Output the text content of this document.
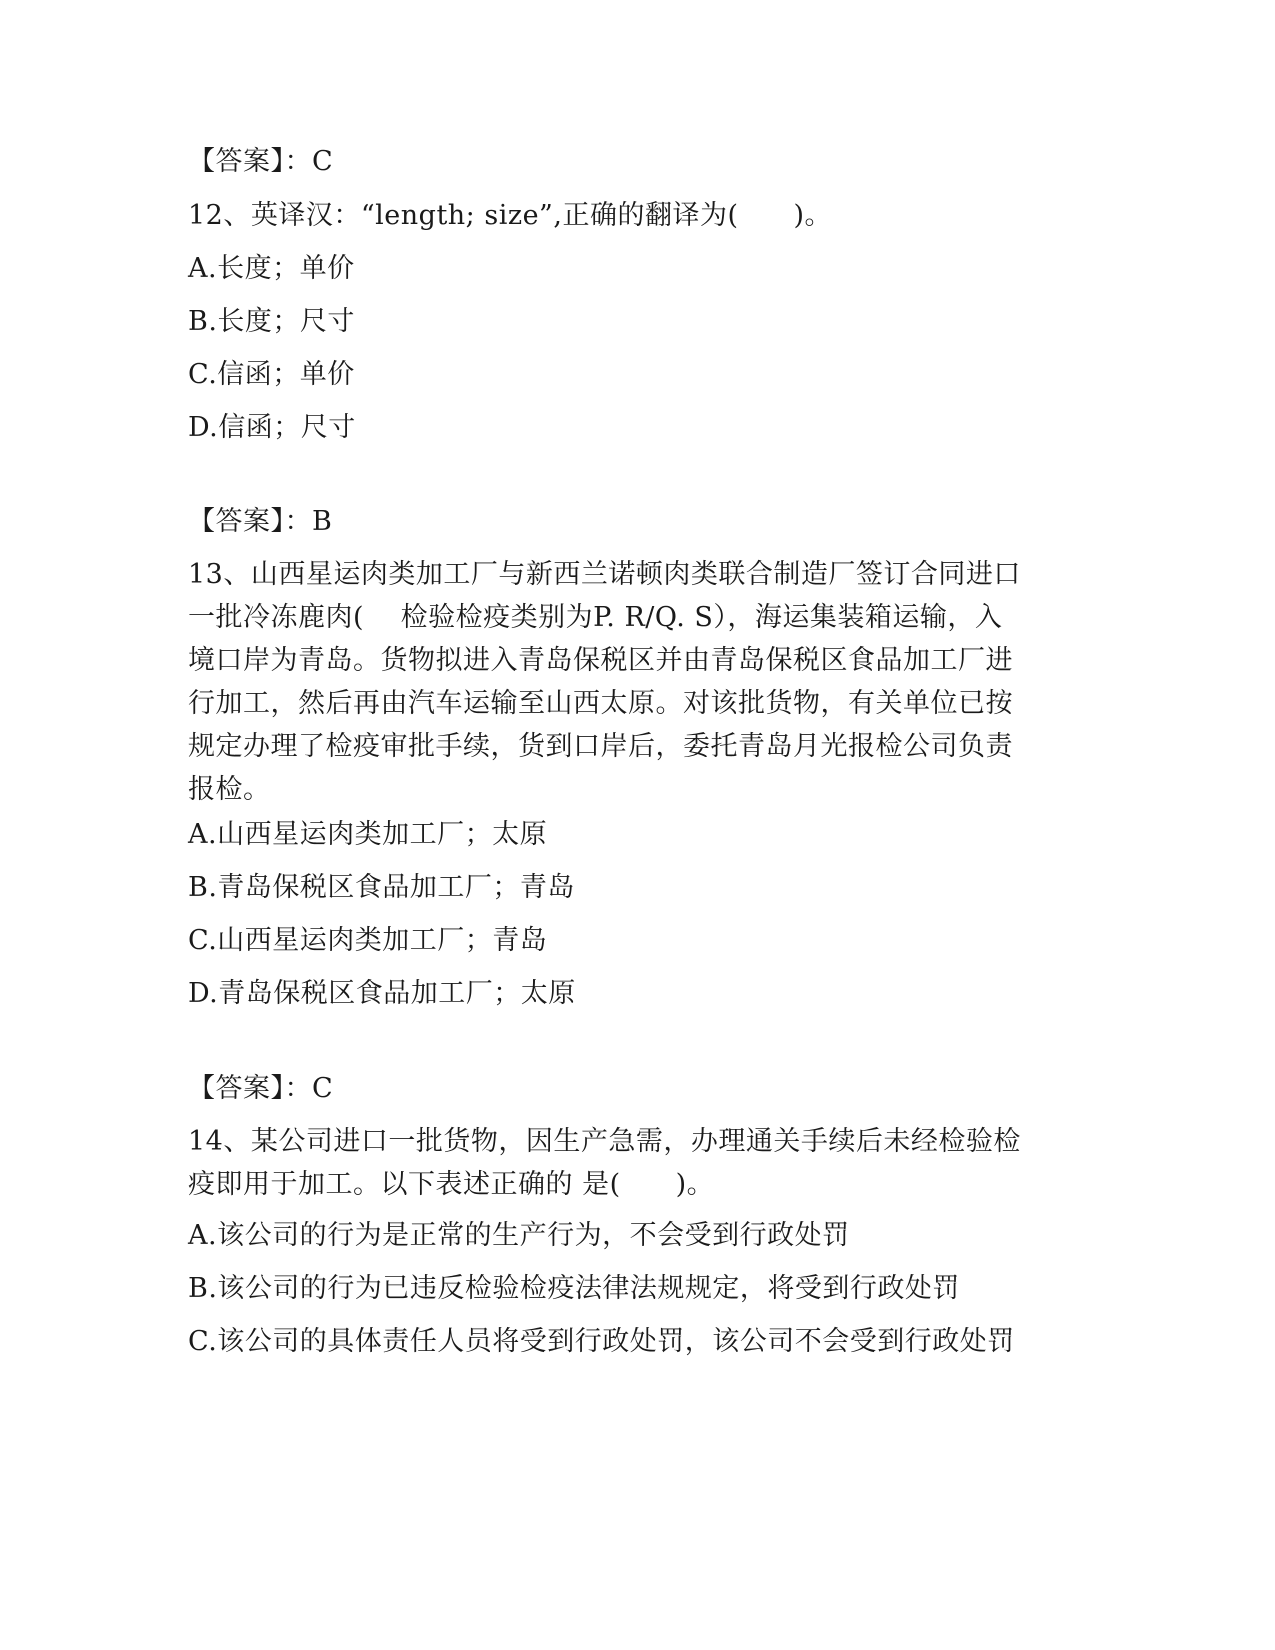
【答案】：C

12、英译汉：“length; size”,正确的翻译为(　　)。

A.长度；单价

B.长度；尺寸

C.信函；单价

D.信函；尺寸

【答案】：B

13、山西星运肉类加工厂与新西兰诺顿肉类联合制造厂签订合同进口
一批冷冻鹿肉(　 检验检疫类别为P. R/Q. S），海运集装箱运输，入
境口岸为青岛。货物拟进入青岛保税区并由青岛保税区食品加工厂进
行加工，然后再由汽车运输至山西太原。对该批货物，有关单位已按
规定办理了检疫审批手续，货到口岸后，委托青岛月光报检公司负责
报检。

A.山西星运肉类加工厂；太原

B.青岛保税区食品加工厂；青岛

C.山西星运肉类加工厂；青岛

D.青岛保税区食品加工厂；太原

【答案】：C

14、某公司进口一批货物，因生产急需，办理通关手续后未经检验检
疫即用于加工。以下表述正确的 是(　　)。

A.该公司的行为是正常的生产行为，不会受到行政处罚

B.该公司的行为已违反检验检疫法律法规规定，将受到行政处罚

C.该公司的具体责任人员将受到行政处罚，该公司不会受到行政处罚
